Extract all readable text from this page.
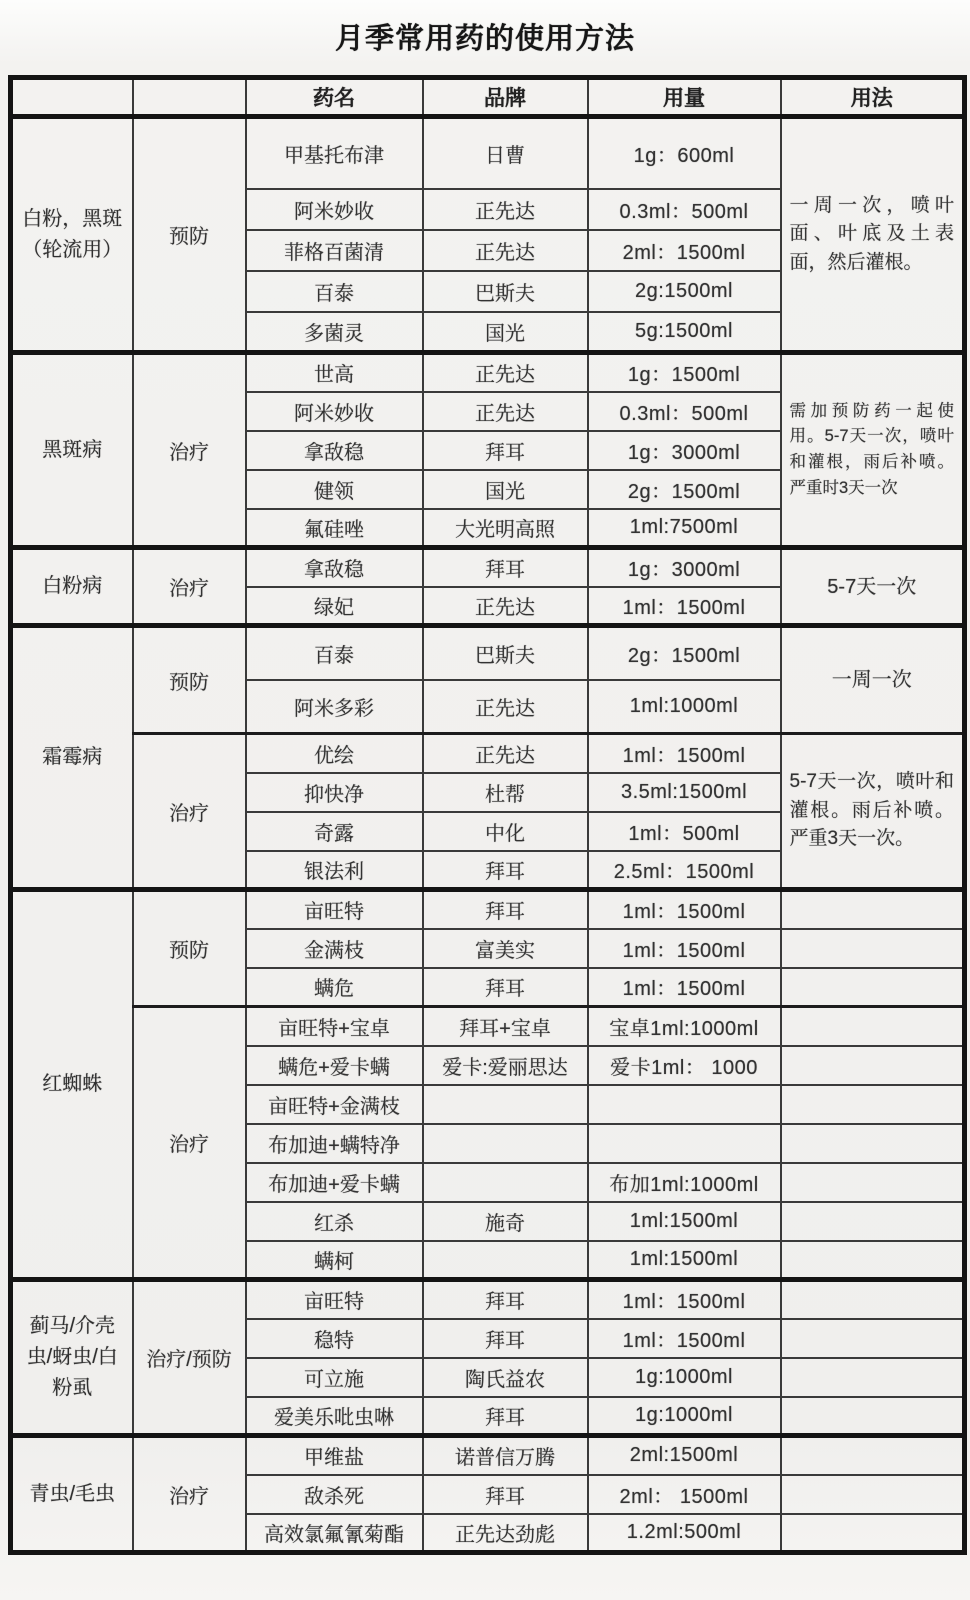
月季常用药的使用方法
		药名	品牌	用量	用法
白粉，黑斑（轮流用）	预防	甲基托布津	日曹	1g：600ml	一周一次，喷叶面、叶底及土表面，然后灌根。
		阿米妙收	正先达	0.3ml：500ml	
		菲格百菌清	正先达	2ml：1500ml	
		百泰	巴斯夫	2g:1500ml	
		多菌灵	国光	5g:1500ml	
黑斑病	治疗	世高	正先达	1g：1500ml	需加预防药一起使用。5-7天一次，喷叶和灌根，雨后补喷。严重时3天一次
		阿米妙收	正先达	0.3ml：500ml	
		拿敌稳	拜耳	1g：3000ml	
		健领	国光	2g：1500ml	
		氟硅唑	大光明高照	1ml:7500ml	
白粉病	治疗	拿敌稳	拜耳	1g：3000ml	5-7天一次
		绿妃	正先达	1ml：1500ml	
霜霉病	预防	百泰	巴斯夫	2g：1500ml	一周一次
		阿米多彩	正先达	1ml:1000ml	
	治疗	优绘	正先达	1ml：1500ml	5-7天一次，喷叶和灌根。雨后补喷。严重3天一次。
		抑快净	杜帮	3.5ml:1500ml	
		奇露	中化	1ml：500ml	
		银法利	拜耳	2.5ml：1500ml	
红蜘蛛	预防	亩旺特	拜耳	1ml：1500ml	
		金满枝	富美实	1ml：1500ml	
		螨危	拜耳	1ml：1500ml	
	治疗	亩旺特+宝卓	拜耳+宝卓	宝卓1ml:1000ml	
		螨危+爱卡螨	爱卡:爱丽思达	爱卡1ml： 1000	
		亩旺特+金满枝			
		布加迪+螨特净			
		布加迪+爱卡螨		布加1ml:1000ml	
		红杀	施奇	1ml:1500ml	
		螨柯		1ml:1500ml	
蓟马/介壳虫/蚜虫/白粉虱	治疗/预防	亩旺特	拜耳	1ml：1500ml	
		稳特	拜耳	1ml：1500ml	
		可立施	陶氏益农	1g:1000ml	
		爱美乐吡虫啉	拜耳	1g:1000ml	
青虫/毛虫	治疗	甲维盐	诺普信万腾	2ml:1500ml	
		敌杀死	拜耳	2ml： 1500ml	
		高效氯氟氰菊酯	正先达劲彪	1.2ml:500ml	
